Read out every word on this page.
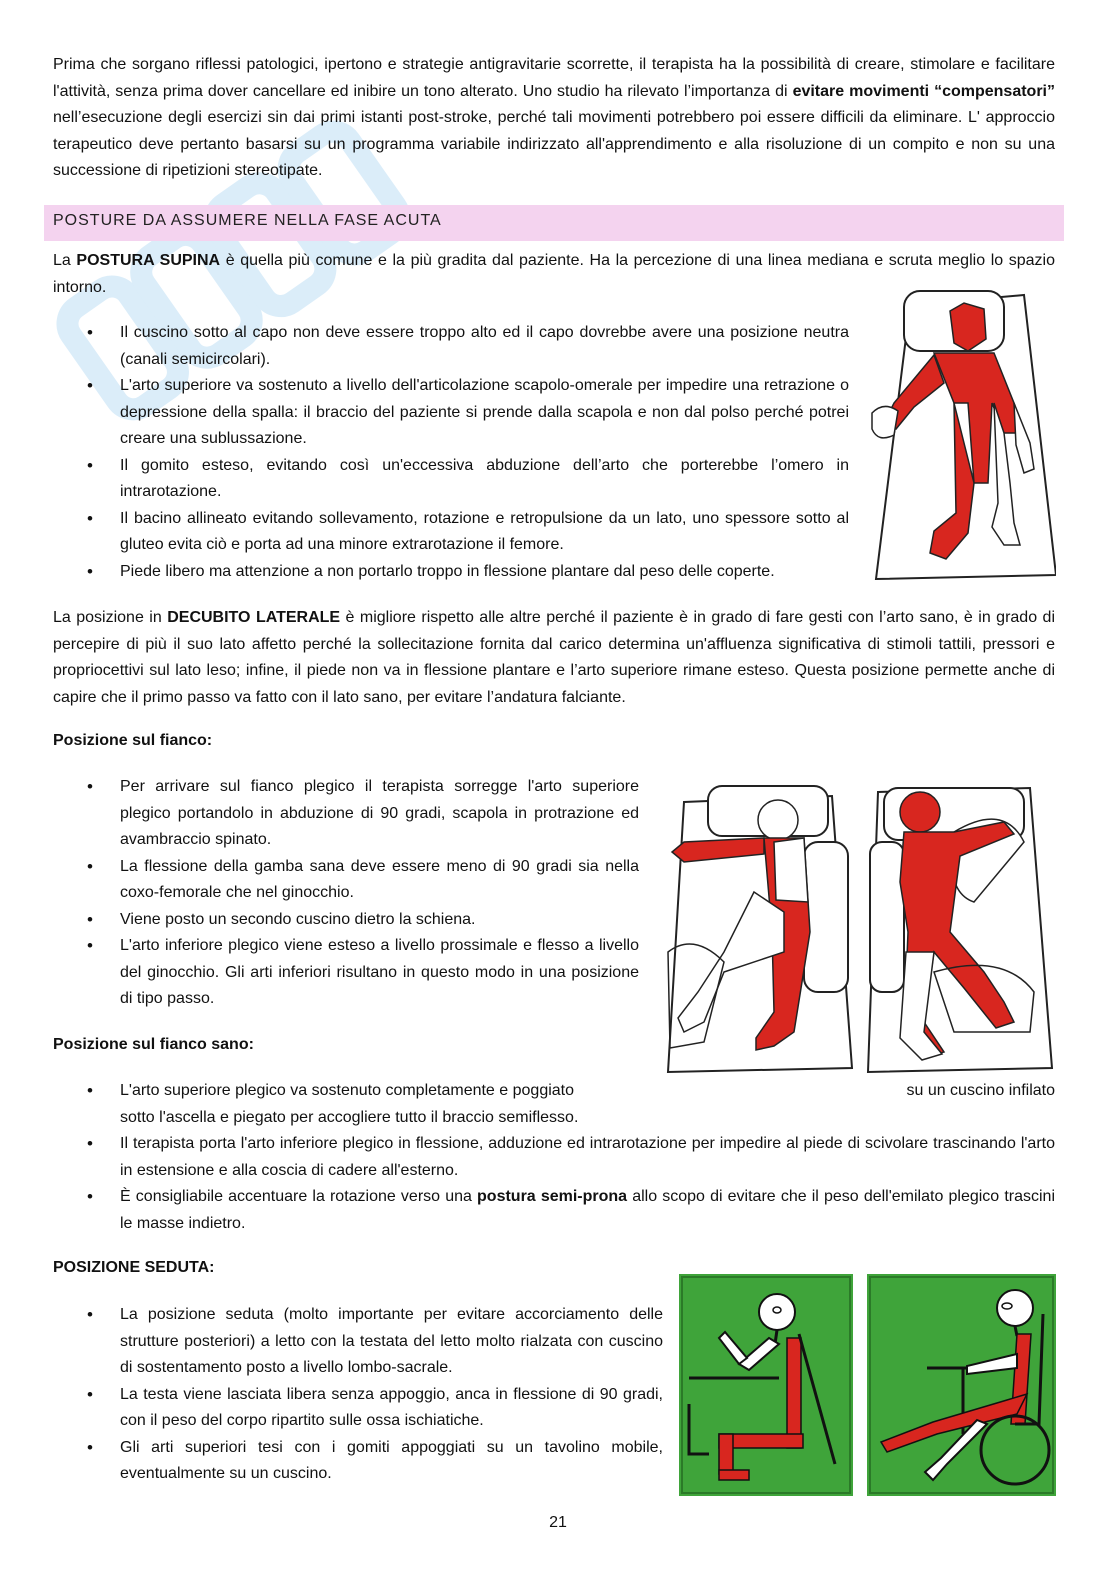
Prima che sorgano riflessi patologici, ipertono e strategie antigravitarie scorrette, il terapista ha la possibilità di creare, stimolare e facilitare l'attività, senza prima dover cancellare ed inibire un tono alterato. Uno studio ha rilevato l’importanza di evitare movimenti “compensatori” nell’esecuzione degli esercizi sin dai primi istanti post-stroke, perché tali movimenti potrebbero poi essere difficili da eliminare. L' approccio terapeutico deve pertanto basarsi su un programma variabile indirizzato all'apprendimento e alla risoluzione di un compito e non su una successione di ripetizioni stereotipate.
POSTURE DA ASSUMERE NELLA FASE ACUTA
La POSTURA SUPINA è quella più comune e la più gradita dal paziente. Ha la percezione di una linea mediana e scruta meglio lo spazio intorno.
• Il cuscino sotto al capo non deve essere troppo alto ed il capo dovrebbe avere una posizione neutra (canali semicircolari).
• L'arto superiore va sostenuto a livello dell'articolazione scapolo-omerale per impedire una retrazione o depressione della spalla: il braccio del paziente si prende dalla scapola e non dal polso perché potrei creare una sublussazione.
• Il gomito esteso, evitando così un'eccessiva abduzione dell’arto che porterebbe l’omero in intrarotazione.
• Il bacino allineato evitando sollevamento, rotazione e retropulsione da un lato, uno spessore sotto al gluteo evita ciò e porta ad una minore extrarotazione il femore.
• Piede libero ma attenzione a non portarlo troppo in flessione plantare dal peso delle coperte.
La posizione in DECUBITO LATERALE è migliore rispetto alle altre perché il paziente è in grado di fare gesti con l’arto sano, è in grado di percepire di più il suo lato affetto perché la sollecitazione fornita dal carico determina un'affluenza significativa di stimoli tattili, pressori e propriocettivi sul lato leso; infine, il piede non va in flessione plantare e l’arto superiore rimane esteso. Questa posizione permette anche di capire che il primo passo va fatto con il lato sano, per evitare l’andatura falciante.
Posizione sul fianco:
• Per arrivare sul fianco plegico il terapista sorregge l'arto superiore plegico portandolo in abduzione di 90 gradi, scapola in protrazione ed avambraccio spinato.
• La flessione della gamba sana deve essere meno di 90 gradi sia nella coxo-femorale che nel ginocchio.
• Viene posto un secondo cuscino dietro la schiena.
• L'arto inferiore plegico viene esteso a livello prossimale e flesso a livello del ginocchio. Gli arti inferiori risultano in questo modo in una posizione di tipo passo.
Posizione sul fianco sano:
• L'arto superiore plegico va sostenuto completamente e poggiato	su un cuscino infilato
sotto l'ascella e piegato per accogliere tutto il braccio semiflesso.
• Il terapista porta l'arto inferiore plegico in flessione, adduzione ed intrarotazione per impedire al piede di scivolare trascinando l'arto in estensione e alla coscia di cadere all'esterno.
• È consigliabile accentuare la rotazione verso una postura semi-prona allo scopo di evitare che il peso dell'emilato plegico trascini le masse indietro.
POSIZIONE SEDUTA:
• La posizione seduta (molto importante per evitare accorciamento delle strutture posteriori) a letto con la testata del letto molto rialzata con cuscino di sostentamento posto a livello lombo-sacrale.
• La testa viene lasciata libera senza appoggio, anca in flessione di 90 gradi, con il peso del corpo ripartito sulle ossa ischiatiche.
• Gli arti superiori tesi con i gomiti appoggiati su un tavolino mobile, eventualmente su un cuscino.
21
